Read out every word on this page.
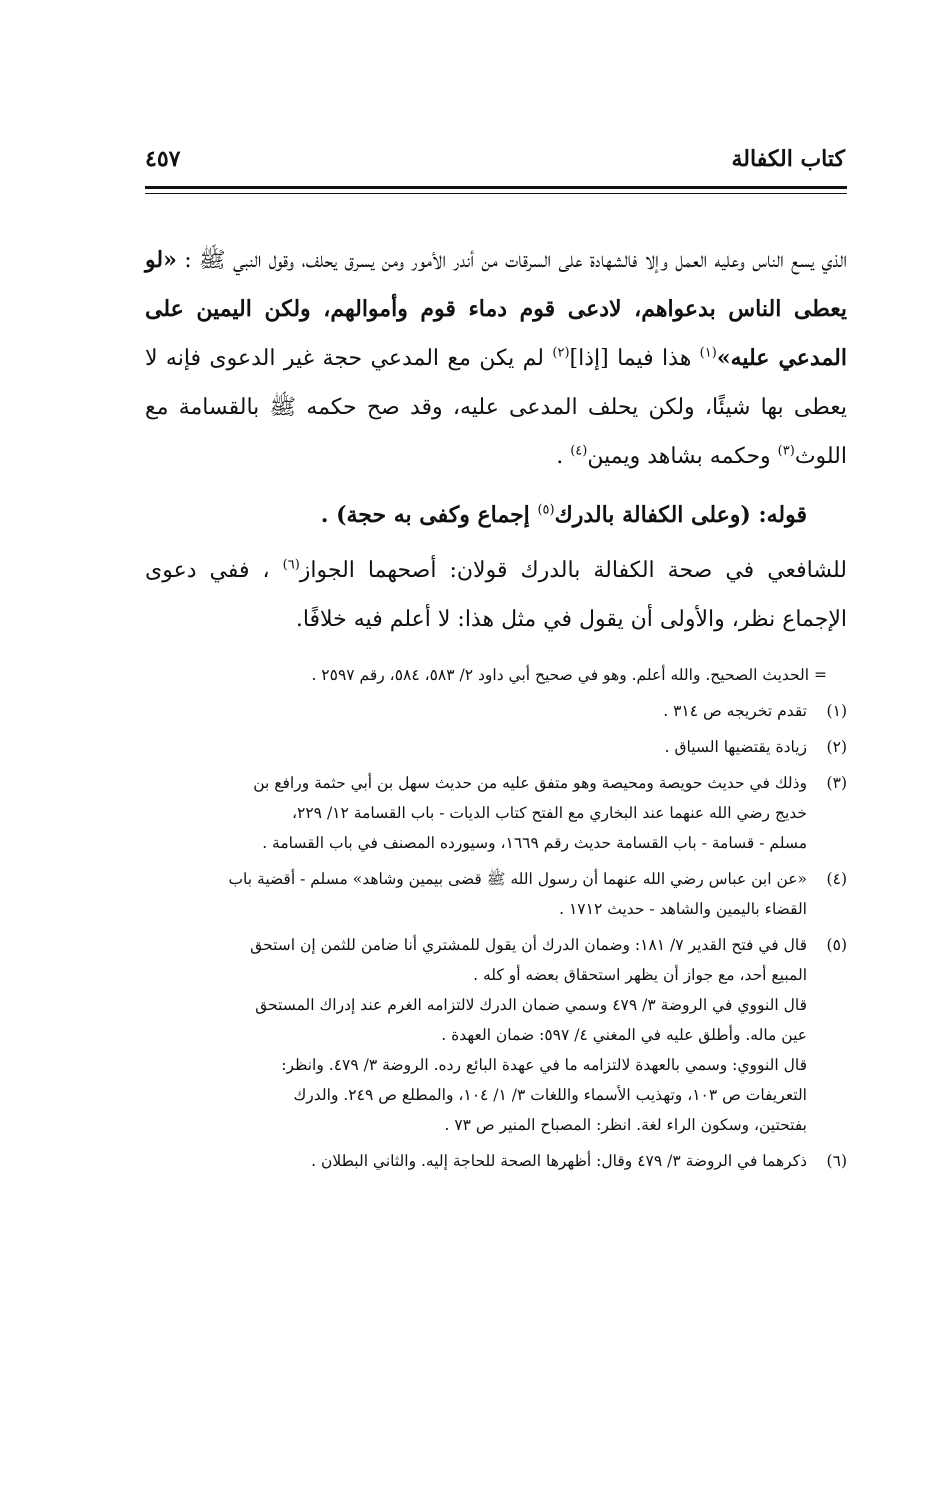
كتاب الكفالة
٤٥٧

الذي يسع الناس وعليه العمل وإلا فالشهادة على السرقات من أندر الأمور ومن يسرق يحلف، وقول النبي ﷺ : «لو يعطى الناس بدعواهم، لادعى قوم دماء قوم وأموالهم، ولكن اليمين على المدعي عليه»$^{(١)}$ هذا فيما [إذا]$^{(٢)}$ لم يكن مع المدعي حجة غير الدعوى فإنه لا يعطى بها شيئًا، ولكن يحلف المدعى عليه، وقد صح حكمه ﷺ بالقسامة مع اللوث$^{(٣)}$ وحكمه بشاهد ويمين$^{(٤)}$ .

قوله: (وعلى الكفالة بالدرك$^{(٥)}$ إجماع وكفى به حجة) .

للشافعي في صحة الكفالة بالدرك قولان: أصحهما الجواز$^{(٦)}$ ، ففي دعوى الإجماع نظر، والأولى أن يقول في مثل هذا: لا أعلم فيه خلافًا.

= الحديث الصحيح. والله أعلم. وهو في صحيح أبي داود ٢/ ٥٨٣، ٥٨٤، رقم ٢٥٩٧ .
(١)
تقدم تخريجه ص ٣١٤ .
(٢)
زيادة يقتضيها السياق .
(٣)
وذلك في حديث حويصة ومحيصة وهو متفق عليه من حديث سهل بن أبي حثمة ورافع بن
خديج رضي الله عنهما عند البخاري مع الفتح كتاب الديات - باب القسامة ١٢/ ٢٢٩،
مسلم - قسامة - باب القسامة حديث رقم ١٦٦٩، وسيورده المصنف في باب القسامة .
(٤)
«عن ابن عباس رضي الله عنهما أن رسول الله ﷺ قضى بيمين وشاهد» مسلم - أقضية باب
القضاء باليمين والشاهد - حديث ١٧١٢ .
(٥)
قال في فتح القدير ٧/ ١٨١: وضمان الدرك أن يقول للمشتري أنا ضامن للثمن إن استحق
المبيع أحد، مع جواز أن يظهر استحقاق بعضه أو كله .
قال النووي في الروضة ٣/ ٤٧٩ وسمي ضمان الدرك لالتزامه الغرم عند إدراك المستحق
عين ماله. وأطلق عليه في المغني ٤/ ٥٩٧: ضمان العهدة .
قال النووي: وسمي بالعهدة لالتزامه ما في عهدة البائع رده. الروضة ٣/ ٤٧٩. وانظر:
التعريفات ص ١٠٣، وتهذيب الأسماء واللغات ٣/ ١/ ١٠٤، والمطلع ص ٢٤٩. والدرك
بفتحتين، وسكون الراء لغة. انظر: المصباح المنير ص ٧٣ .
(٦)
ذكرهما في الروضة ٣/ ٤٧٩ وقال: أظهرها الصحة للحاجة إليه. والثاني البطلان .
